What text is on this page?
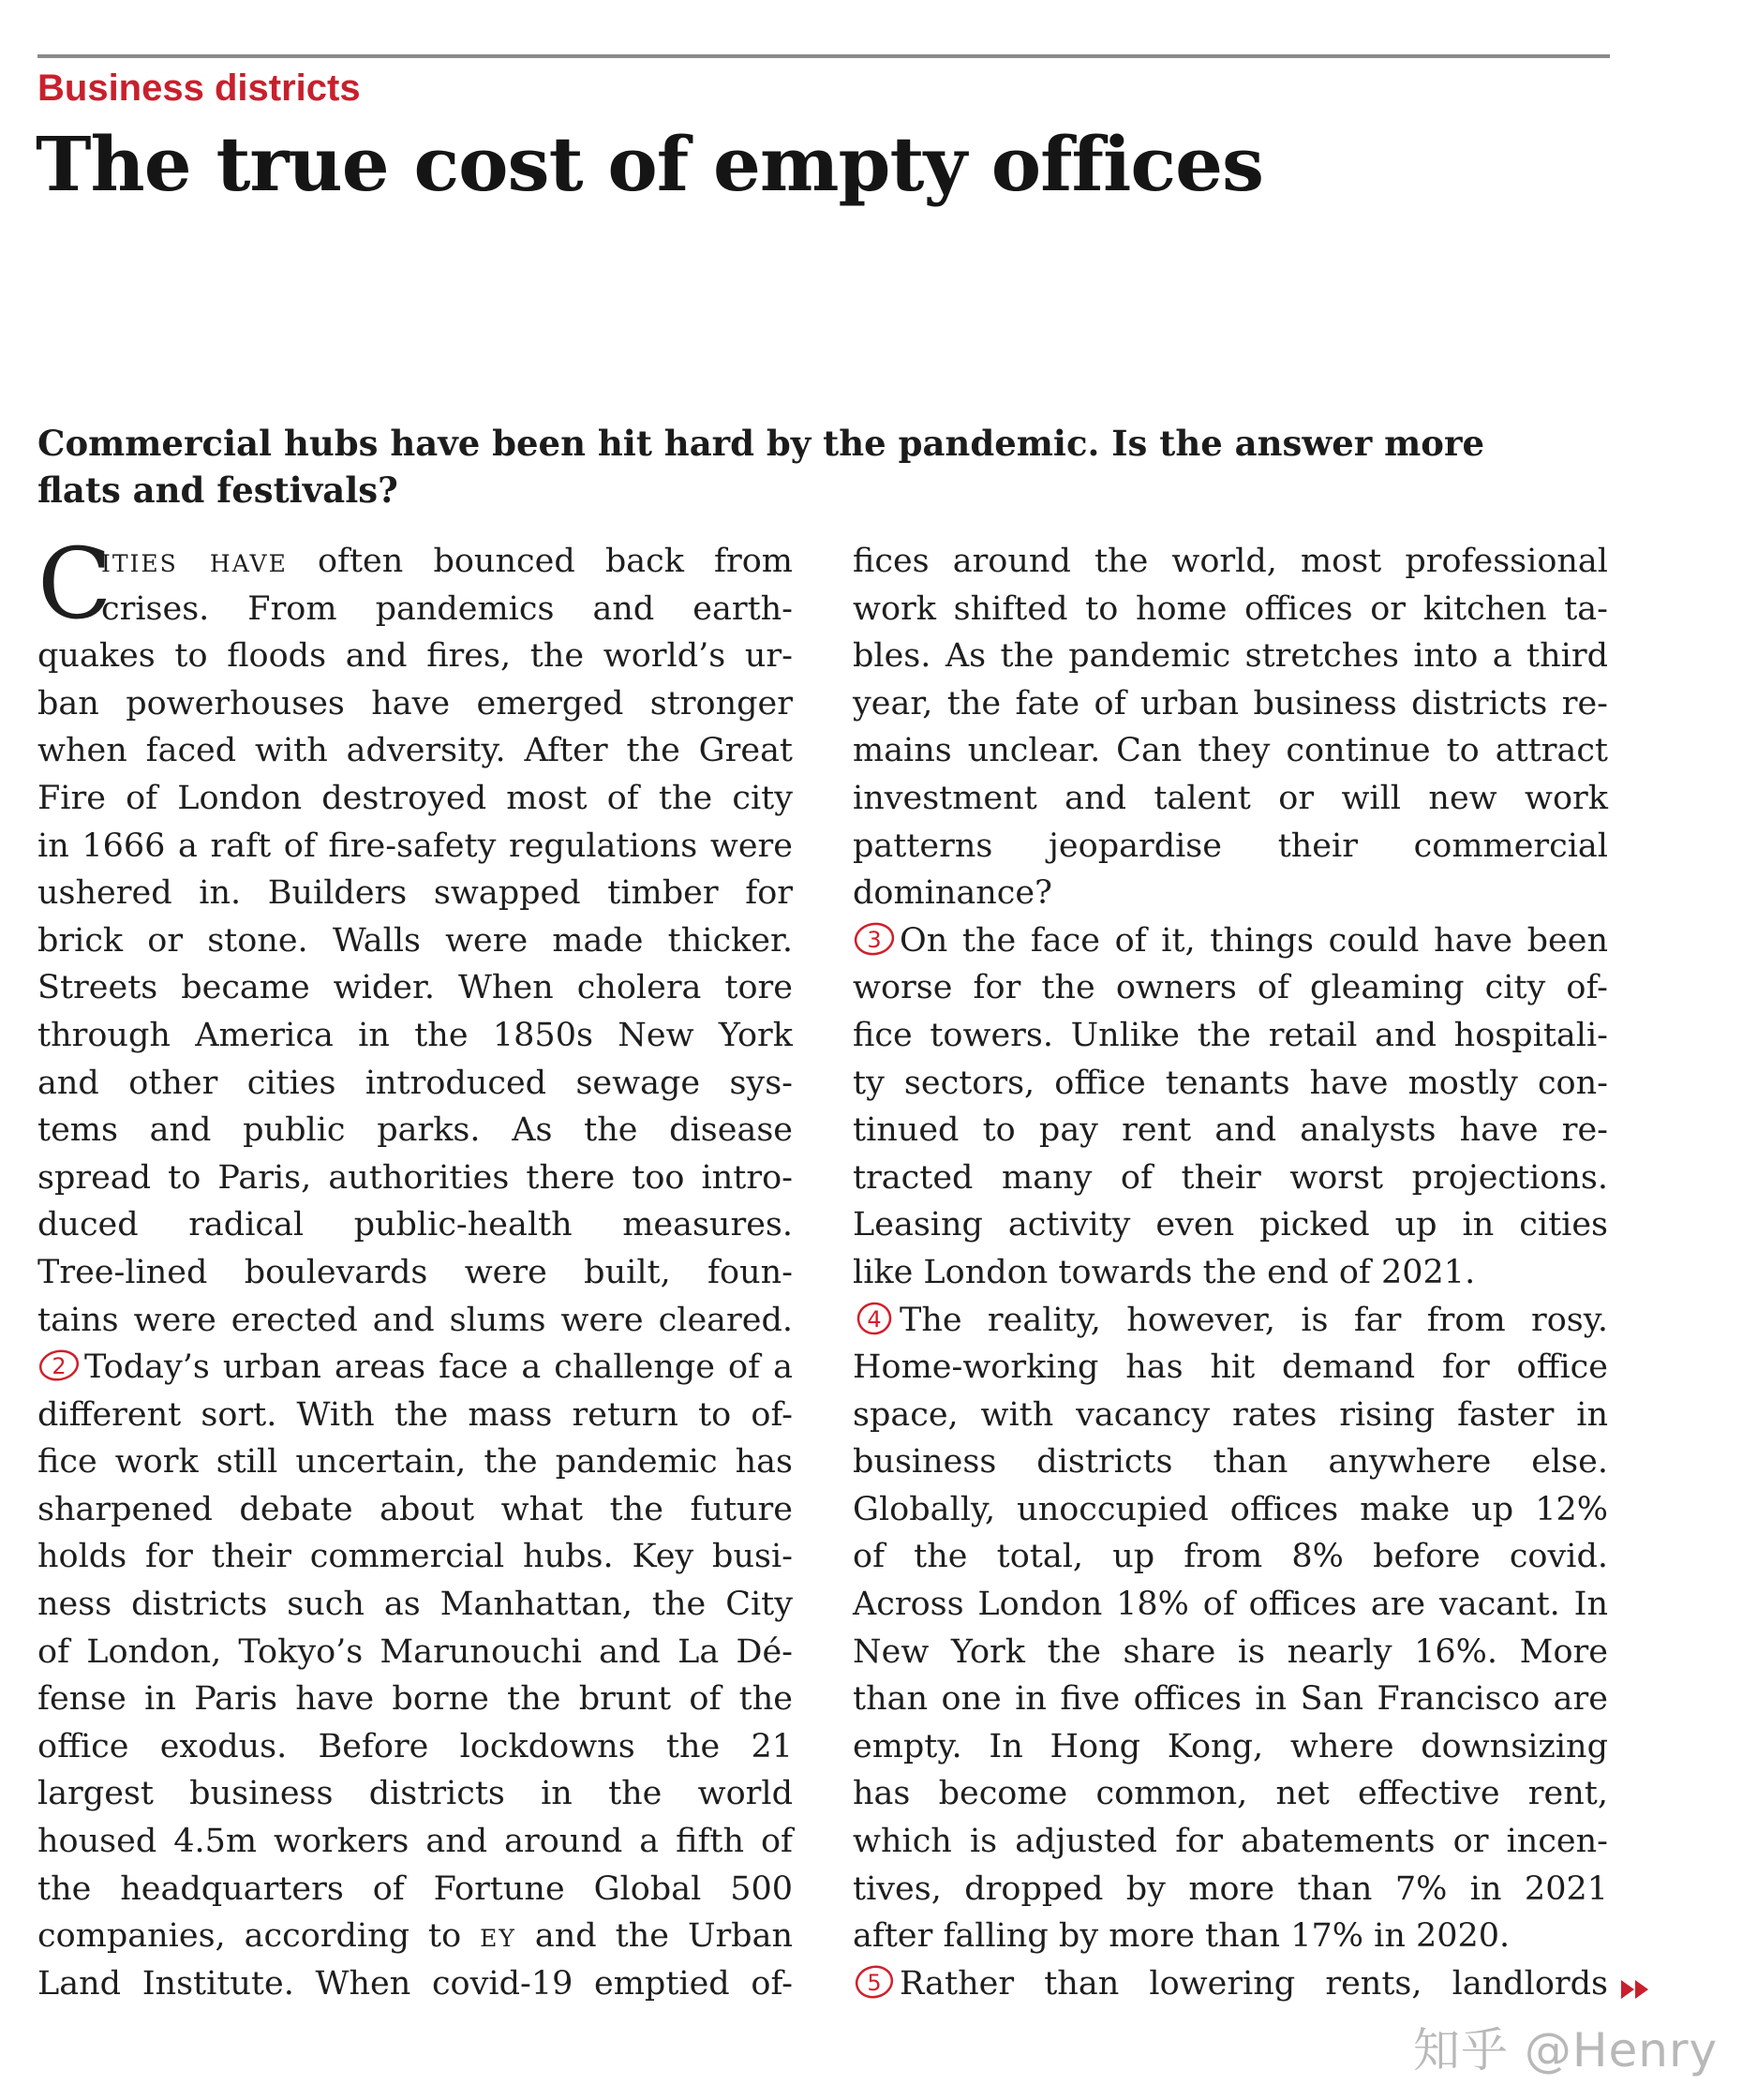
Business districts
The true cost of empty offices

Commercial hubs have been hit hard by the pandemic. Is the answer more flats and festivals?

C
ities have often bounced back from
crises. From pandemics and earth-
quakes to floods and fires, the world’s ur-
ban powerhouses have emerged stronger
when faced with adversity. After the Great
Fire of London destroyed most of the city
in 1666 a raft of fire-safety regulations were
ushered in. Builders swapped timber for
brick or stone. Walls were made thicker.
Streets became wider. When cholera tore
through America in the 1850s New York
and other cities introduced sewage sys-
tems and public parks. As the disease
spread to Paris, authorities there too intro-
duced radical public-health measures.
Tree-lined boulevards were built, foun-
tains were erected and slums were cleared.
2 Today’s urban areas face a challenge of a
different sort. With the mass return to of-
fice work still uncertain, the pandemic has
sharpened debate about what the future
holds for their commercial hubs. Key busi-
ness districts such as Manhattan, the City
of London, Tokyo’s Marunouchi and La Dé-
fense in Paris have borne the brunt of the
office exodus. Before lockdowns the 21
largest business districts in the world
housed 4.5m workers and around a fifth of
the headquarters of Fortune Global 500
companies, according to ey and the Urban
Land Institute. When covid-19 emptied of-
fices around the world, most professional
work shifted to home offices or kitchen ta-
bles. As the pandemic stretches into a third
year, the fate of urban business districts re-
mains unclear. Can they continue to attract
investment and talent or will new work
patterns jeopardise their commercial
dominance?
3 On the face of it, things could have been
worse for the owners of gleaming city of-
fice towers. Unlike the retail and hospitali-
ty sectors, office tenants have mostly con-
tinued to pay rent and analysts have re-
tracted many of their worst projections.
Leasing activity even picked up in cities
like London towards the end of 2021.
4 The reality, however, is far from rosy.
Home-working has hit demand for office
space, with vacancy rates rising faster in
business districts than anywhere else.
Globally, unoccupied offices make up 12%
of the total, up from 8% before covid.
Across London 18% of offices are vacant. In
New York the share is nearly 16%. More
than one in five offices in San Francisco are
empty. In Hong Kong, where downsizing
has become common, net effective rent,
which is adjusted for abatements or incen-
tives, dropped by more than 7% in 2021
after falling by more than 17% in 2020.
5 Rather than lowering rents, landlords
知乎 @Henry
